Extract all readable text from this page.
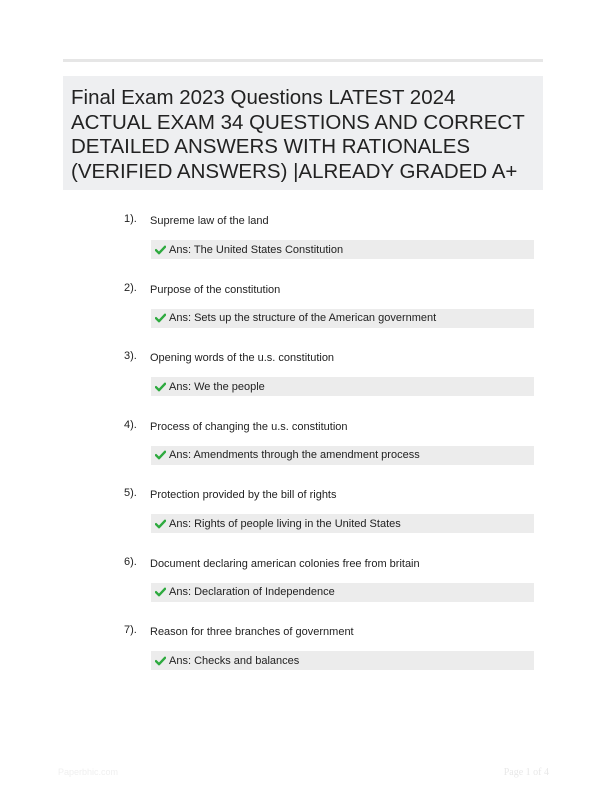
Final Exam 2023 Questions LATEST 2024 ACTUAL EXAM 34 QUESTIONS AND CORRECT DETAILED ANSWERS WITH RATIONALES (VERIFIED ANSWERS) |ALREADY GRADED A+
1). Supreme law of the land
Ans: The United States Constitution
2). Purpose of the constitution
Ans: Sets up the structure of the American government
3). Opening words of the u.s. constitution
Ans: We the people
4). Process of changing the u.s. constitution
Ans: Amendments through the amendment process
5). Protection provided by the bill of rights
Ans: Rights of people living in the United States
6). Document declaring american colonies free from britain
Ans: Declaration of Independence
7). Reason for three branches of government
Ans: Checks and balances
Paperbhic.com	Page 1 of 4
